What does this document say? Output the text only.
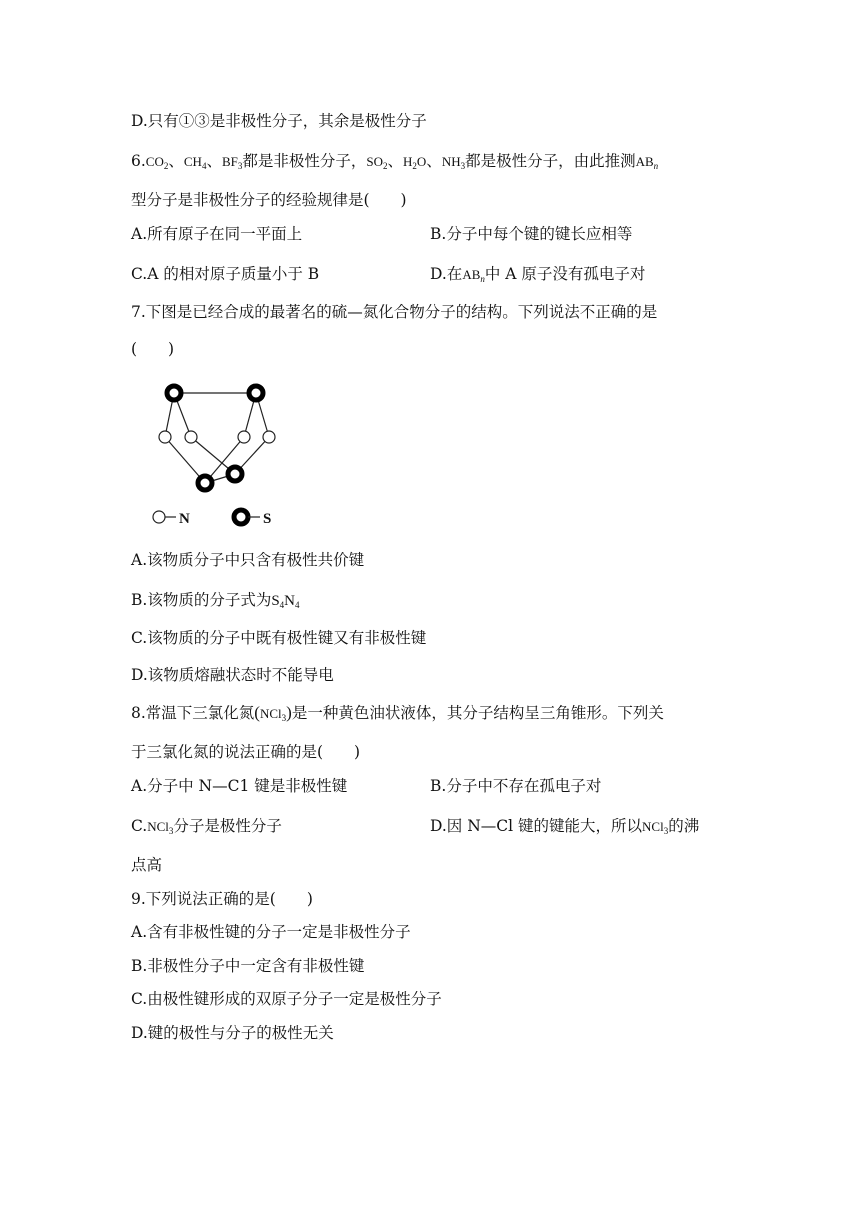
D.只有①③是非极性分子，其余是极性分子
$6.CO_2$、$CH_4$、$BF_3$都是非极性分子，$SO_2$、$H_2O$、$NH_3$都是极性分子，由此推测$AB_n$
型分子是非极性分子的经验规律是(　　)
A.所有原子在同一平面上	B.分子中每个键的键长应相等
C.A 的相对原子质量小于 B	D.在$AB_n$中 A 原子没有孤电子对
7.下图是已经合成的最著名的硫—氮化合物分子的结构。下列说法不正确的是
(　　)
N	S
A.该物质分子中只含有极性共价键
B.该物质的分子式为$S_4N_4$
C.该物质的分子中既有极性键又有非极性键
D.该物质熔融状态时不能导电
8.常温下三氯化氮(NCl$_3$)是一种黄色油状液体，其分子结构呈三角锥形。下列关
于三氯化氮的说法正确的是(　　)
A.分子中 N—C1 键是非极性键	B.分子中不存在孤电子对
C.NCl$_3$分子是极性分子	D.因 N—Cl 键的键能大，所以NCl$_3$的沸
点高
9.下列说法正确的是(　　)
A.含有非极性键的分子一定是非极性分子
B.非极性分子中一定含有非极性键
C.由极性键形成的双原子分子一定是极性分子
D.键的极性与分子的极性无关
